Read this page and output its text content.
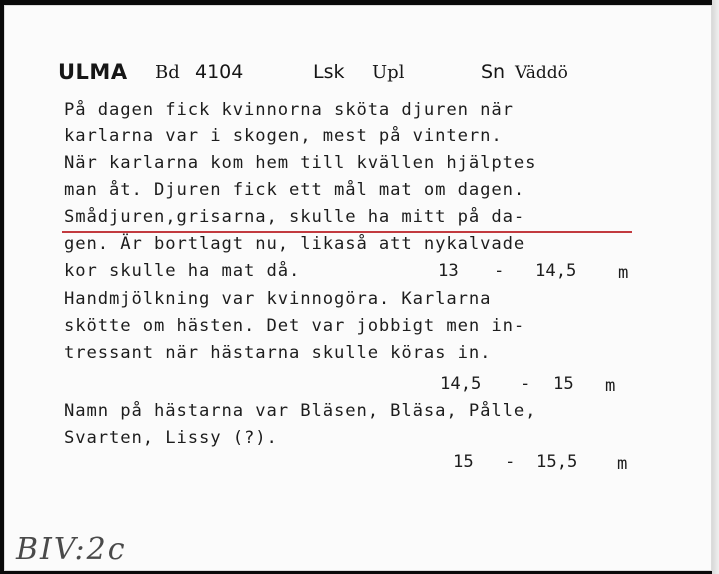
ULMA Bd 4104	Lsk Upl	Sn Väddö
På dagen fick kvinnorna sköta djuren när
karlarna var i skogen, mest på vintern.
När karlarna kom hem till kvällen hjälptes
man åt. Djuren fick ett mål mat om dagen.
Smådjuren,grisarna, skulle ha mitt på da-
gen. Är bortlagt nu, likaså att nykalvade
kor skulle ha mat då.
Handmjölkning var kvinnogöra. Karlarna
skötte om hästen. Det var jobbigt men in-
tressant när hästarna skulle köras in.
Namn på hästarna var Bläsen, Bläsa, Pålle,
Svarten, Lissy (?).
13 - 14,5 m
14,5 - 15 m
15 - 15,5 m
BIV:2c
